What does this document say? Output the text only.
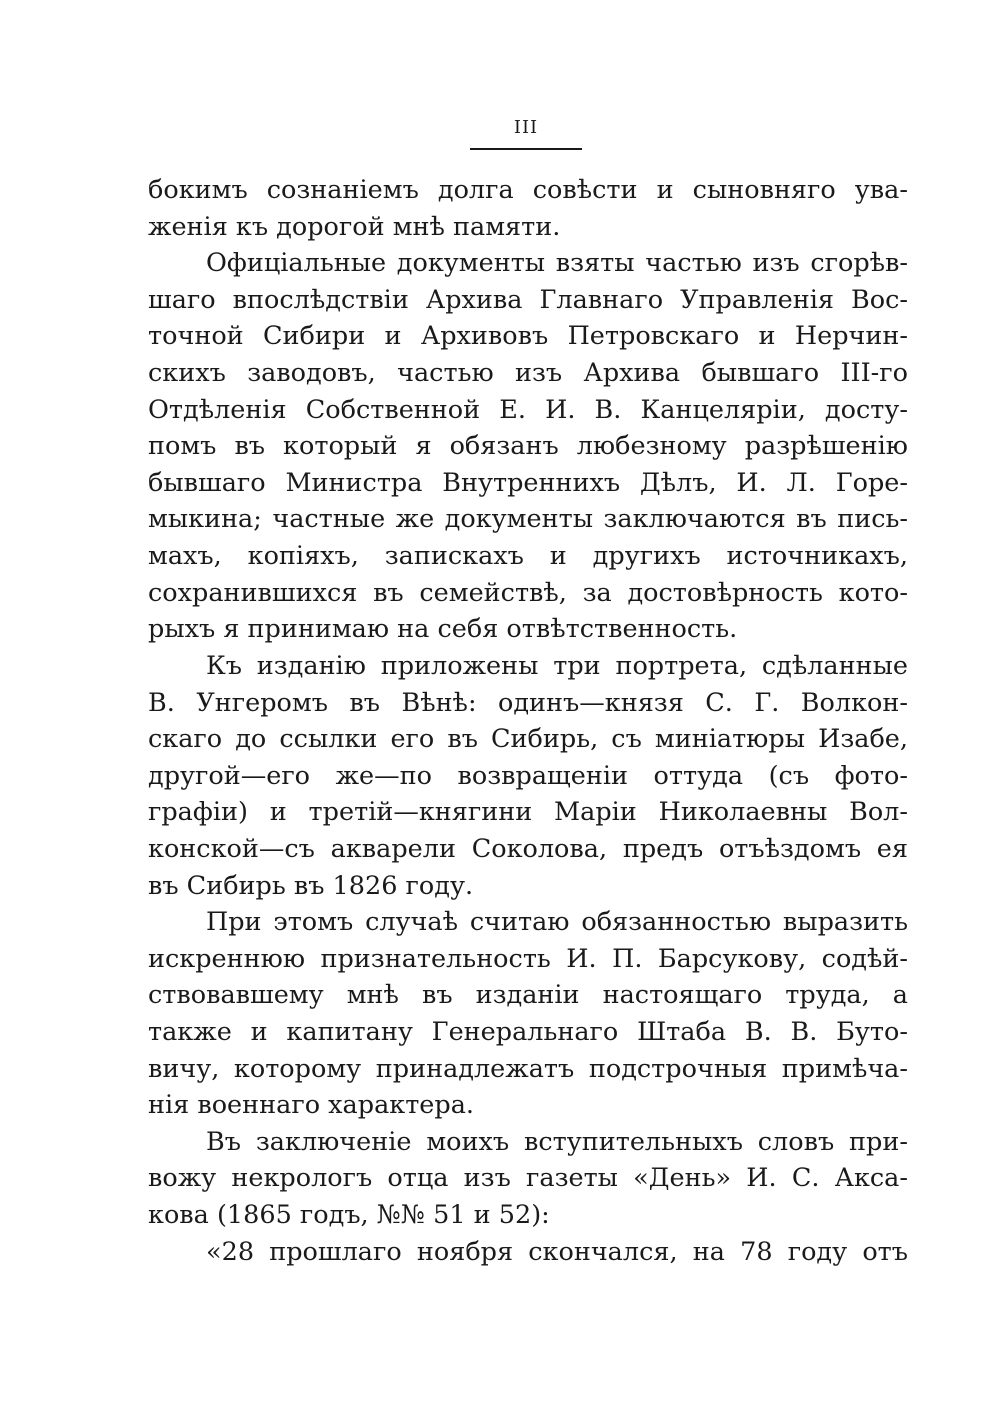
III
бокимъ сознаніемъ долга совѣсти и сыновняго ува-
женія къ дорогой мнѣ памяти.
Офиціальные документы взяты частью изъ сгорѣв-
шаго впослѣдствіи Архива Главнаго Управленія Вос-
точной Сибири и Архивовъ Петровскаго и Нерчин-
скихъ заводовъ, частью изъ Архива бывшаго III-го
Отдѣленія Собственной Е. И. В. Канцеляріи, досту-
помъ въ который я обязанъ любезному разрѣшенію
бывшаго Министра Внутреннихъ Дѣлъ, И. Л. Горе-
мыкина; частные же документы заключаются въ пись-
махъ, копіяхъ, запискахъ и другихъ источникахъ,
сохранившихся въ семействѣ, за достовѣрность кото-
рыхъ я принимаю на себя отвѣтственность.
Къ изданію приложены три портрета, сдѣланные
В. Унгеромъ въ Вѣнѣ: одинъ—князя С. Г. Волкон-
скаго до ссылки его въ Сибирь, съ миніатюры Изабе,
другой—его же—по возвращеніи оттуда (съ фото-
графіи) и третій—княгини Маріи Николаевны Вол-
конской—съ акварели Соколова, предъ отъѣздомъ ея
въ Сибирь въ 1826 году.
При этомъ случаѣ считаю обязанностью выразить
искреннюю признательность И. П. Барсукову, содѣй-
ствовавшему мнѣ въ изданіи настоящаго труда, а
также и капитану Генеральнаго Штаба В. В. Буто-
вичу, которому принадлежатъ подстрочныя примѣча-
нія военнаго характера.
Въ заключеніе моихъ вступительныхъ словъ при-
вожу некрологъ отца изъ газеты «День» И. С. Акса-
кова (1865 годъ, №№ 51 и 52):
«28 прошлаго ноября скончался, на 78 году отъ
